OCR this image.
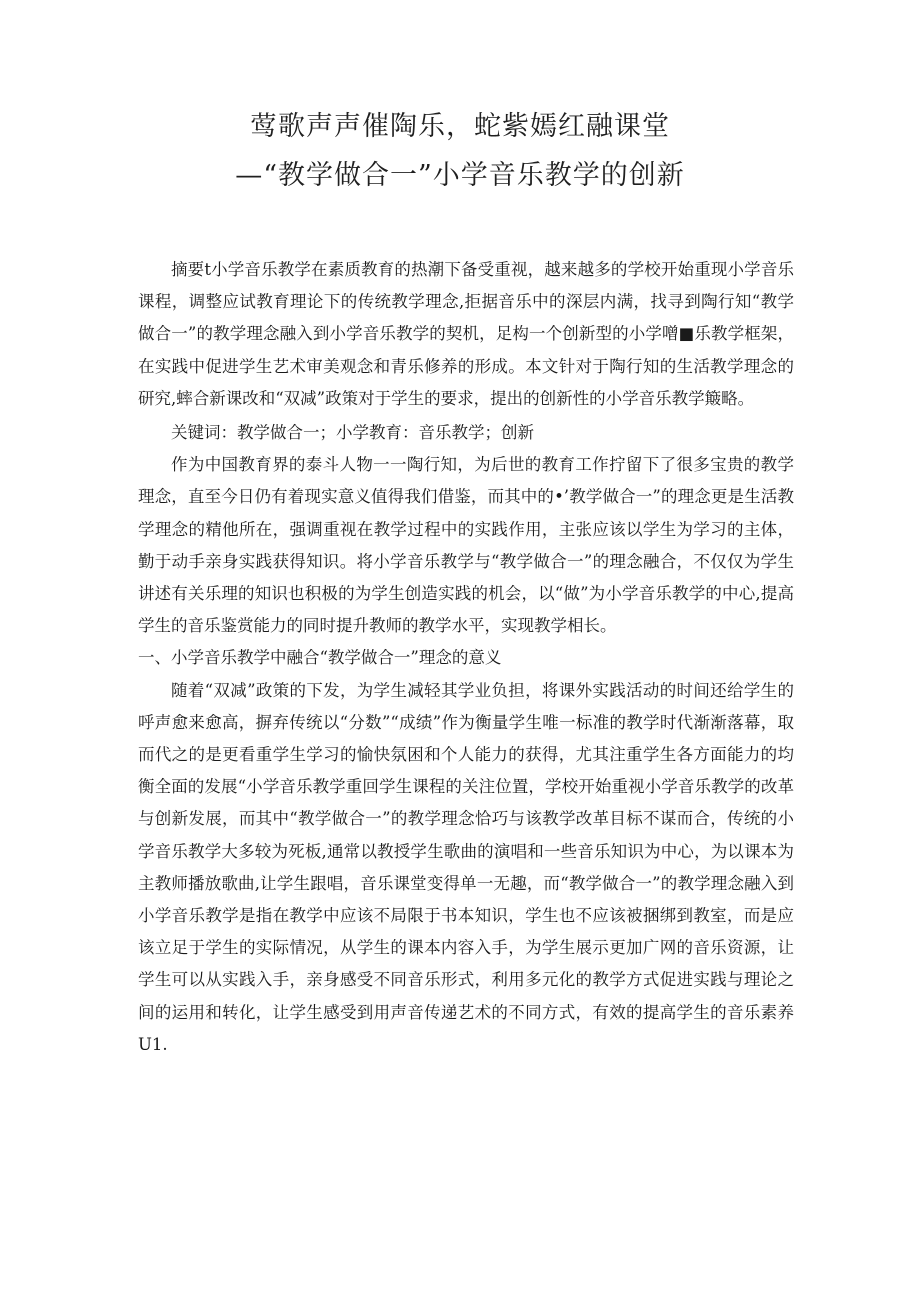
莺歌声声催陶乐，蛇紫嫣红融课堂
—“教学做合一”小学音乐教学的创新

摘要t小学音乐教学在素质教育的热潮下备受重视，越来越多的学校开始重现小学音乐课程，调整应试教育理论下的传统教学理念,拒据音乐中的深层内满，找寻到陶行知“教学做合一”的教学理念融入到小学音乐教学的契机，足构一个创新型的小学噌■乐教学框架，在实践中促进学生艺术审美观念和青乐修养的形成。本文针对于陶行知的生活教学理念的研究,蟀合新课改和“双减”政策对于学生的要求，提出的创新性的小学音乐教学簸略。

关键词：教学做合一；小学教育：音乐教学；创新

作为中国教育界的泰斗人物一一陶行知，为后世的教育工作拧留下了很多宝贵的教学理念，直至今日仍有着现实意义值得我们借鉴，而其中的•’教学做合一”的理念更是生活教学理念的精他所在，强调重视在教学过程中的实践作用，主张应该以学生为学习的主体，勤于动手亲身实践获得知识。将小学音乐教学与“教学做合一”的理念融合，不仅仅为学生讲述有关乐理的知识也积极的为学生创造实践的机会，以“做”为小学音乐教学的中心,提高学生的音乐鉴赏能力的同时提升教师的教学水平，实现教学相长。

一、小学音乐教学中融合“教学做合一”理念的意义

随着“双减”政策的下发，为学生减轻其学业负担，将课外实践活动的时间还给学生的呼声愈来愈高，摒弃传统以“分数”“成绩”作为衡量学生唯一标准的教学时代渐渐落幕，取而代之的是更看重学生学习的愉快氛困和个人能力的获得，尤其注重学生各方面能力的均衡全面的发展“小学音乐教学重回学生课程的关注位置，学校开始重视小学音乐教学的改革与创新发展，而其中“教学做合一”的教学理念恰巧与该教学改革目标不谋而合，传统的小学音乐教学大多较为死板,通常以教授学生歌曲的演唱和一些音乐知识为中心，为以课本为主教师播放歌曲,让学生跟唱，音乐课堂变得单一无趣，而“教学做合一”的教学理念融入到小学音乐教学是指在教学中应该不局限于书本知识，学生也不应该被捆绑到教室，而是应该立足于学生的实际情况，从学生的课本内容入手，为学生展示更加广网的音乐资源，让学生可以从实践入手，亲身感受不同音乐形式，利用多元化的教学方式促进实践与理论之间的运用和转化，让学生感受到用声音传递艺术的不同方式，有效的提高学生的音乐素养U1.
